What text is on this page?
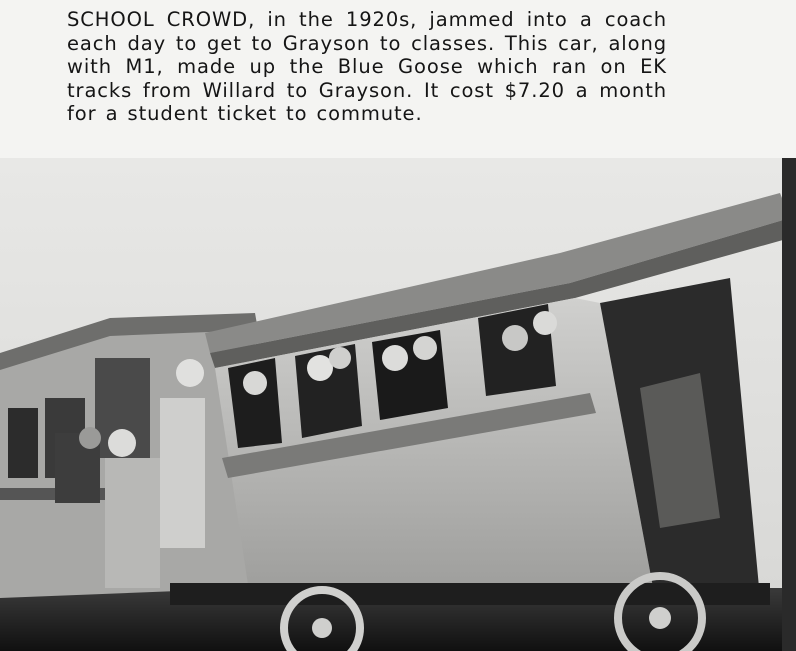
SCHOOL CROWD, in the 1920s, jammed into a coach each day to get to Grayson to classes. This car, along with M1, made up the Blue Goose which ran on EK tracks from Willard to Grayson. It cost $7.20 a month for a student ticket to commute.
